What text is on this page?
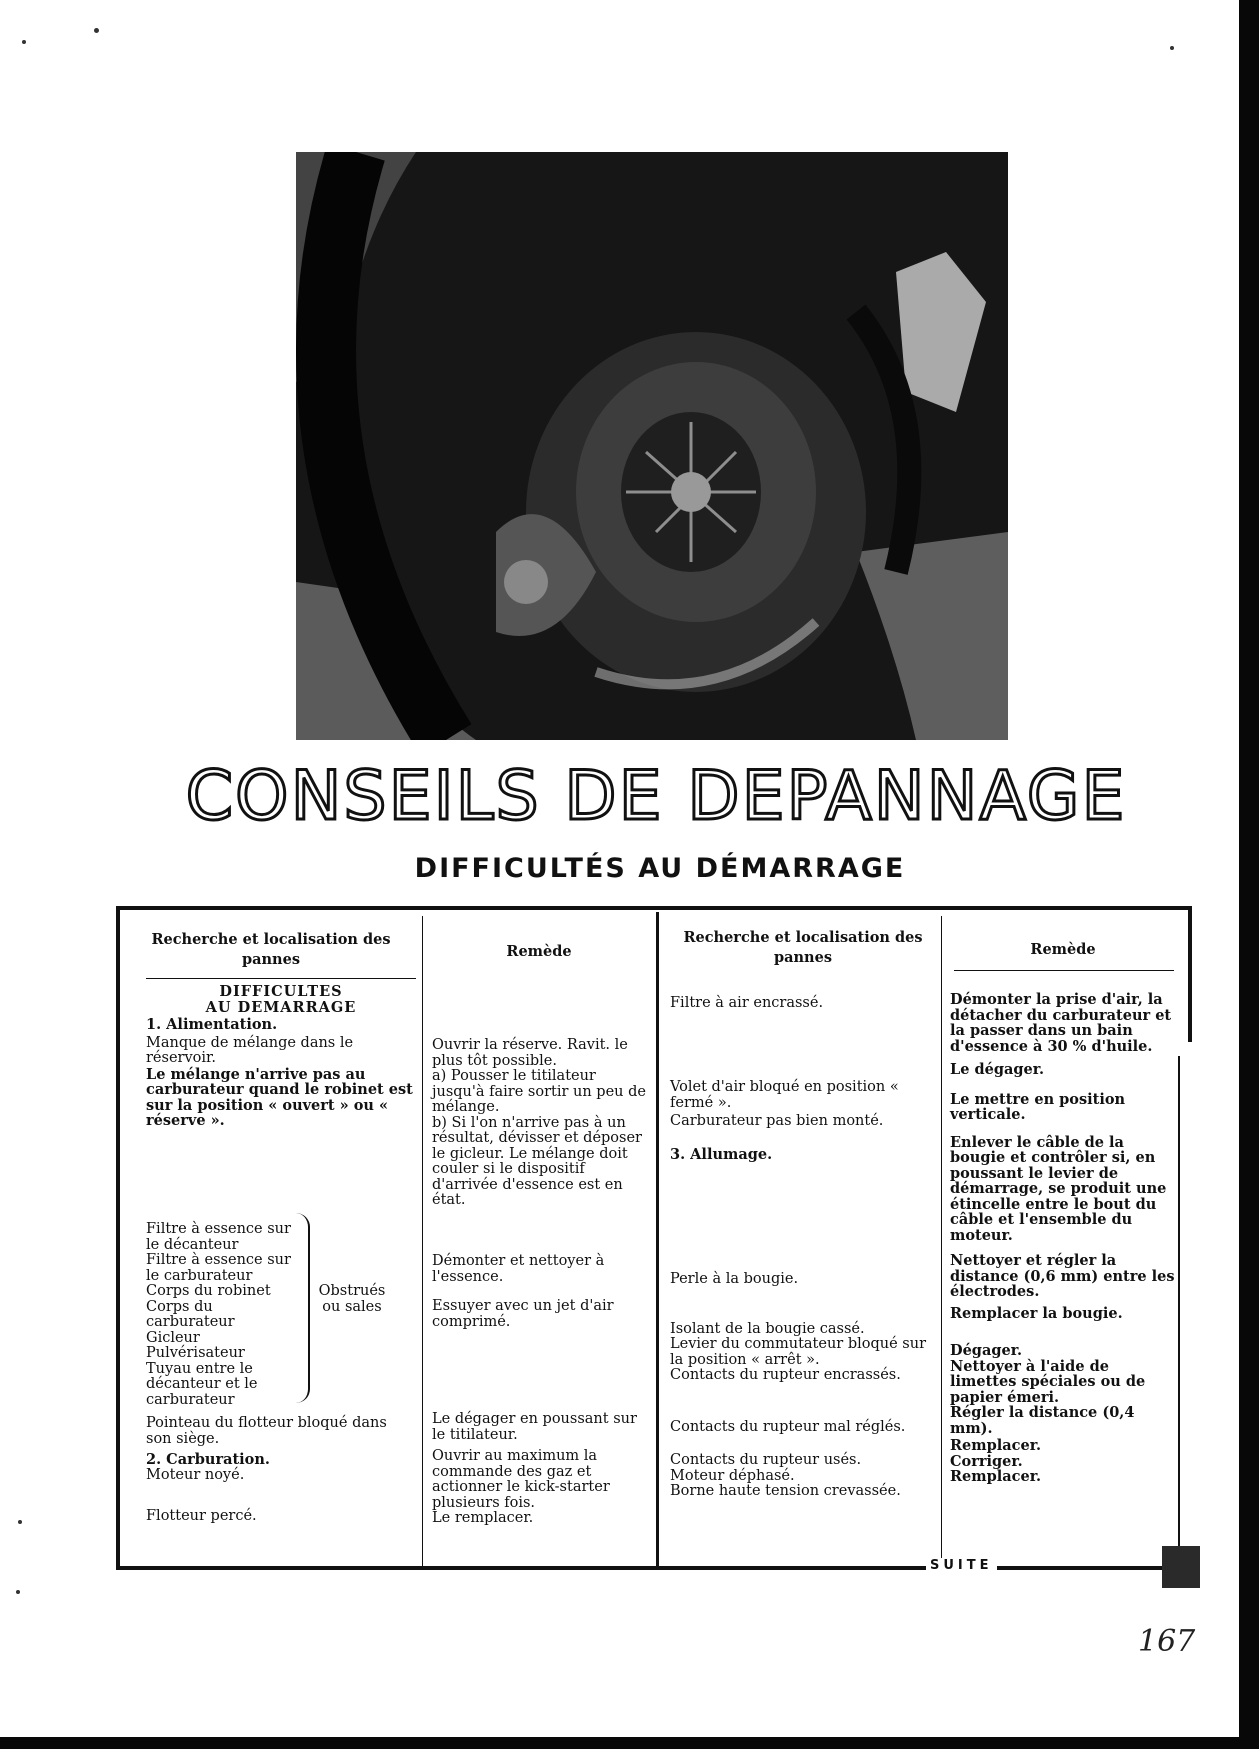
CONSEILS DE DEPANNAGE
DIFFICULTÉS AU DÉMARRAGE
SUITE
Recherche et localisation des pannes	Remède
Recherche et localisation des pannes	Remède
DIFFICULTES
AU DEMARRAGE
1. Alimentation.
Manque de mélange dans le réservoir.
Le mélange n'arrive pas au carburateur quand le robinet est sur la position « ouvert » ou « réserve ».
Filtre à essence sur le décanteur
Filtre à essence sur le carburateur
Corps du robinet
Corps du carburateur
Gicleur
Pulvérisateur
Tuyau entre le décanteur et le carburateur
Obstrués ou sales
Pointeau du flotteur bloqué dans son siège.
2. Carburation.
Moteur noyé.
Flotteur percé.
Ouvrir la réserve. Ravit. le plus tôt possible.
a) Pousser le titilateur jusqu'à faire sortir un peu de mélange.
b) Si l'on n'arrive pas à un résultat, dévisser et déposer le gicleur. Le mélange doit couler si le dispositif d'arrivée d'essence est en état.
Démonter et nettoyer à l'essence.
Essuyer avec un jet d'air comprimé.
Le dégager en poussant sur le titilateur.
Ouvrir au maximum la commande des gaz et actionner le kick-starter plusieurs fois.
Le remplacer.
Filtre à air encrassé.
Volet d'air bloqué en position « fermé ».
Carburateur pas bien monté.
3. Allumage.
Perle à la bougie.
Isolant de la bougie cassé.
Levier du commutateur bloqué sur la position « arrêt ».
Contacts du rupteur encrassés.
Contacts du rupteur mal réglés.
Contacts du rupteur usés.
Moteur déphasé.
Borne haute tension crevassée.
Démonter la prise d'air, la détacher du carburateur et la passer dans un bain d'essence à 30 % d'huile.
Le dégager.
Le mettre en position verticale.
Enlever le câble de la bougie et contrôler si, en poussant le levier de démarrage, se produit une étincelle entre le bout du câble et l'ensemble du moteur.
Nettoyer et régler la distance (0,6 mm) entre les électrodes.
Remplacer la bougie.
Dégager.
Nettoyer à l'aide de limettes spéciales ou de papier émeri.
Régler la distance (0,4 mm).
Remplacer.
Corriger.
Remplacer.
167
